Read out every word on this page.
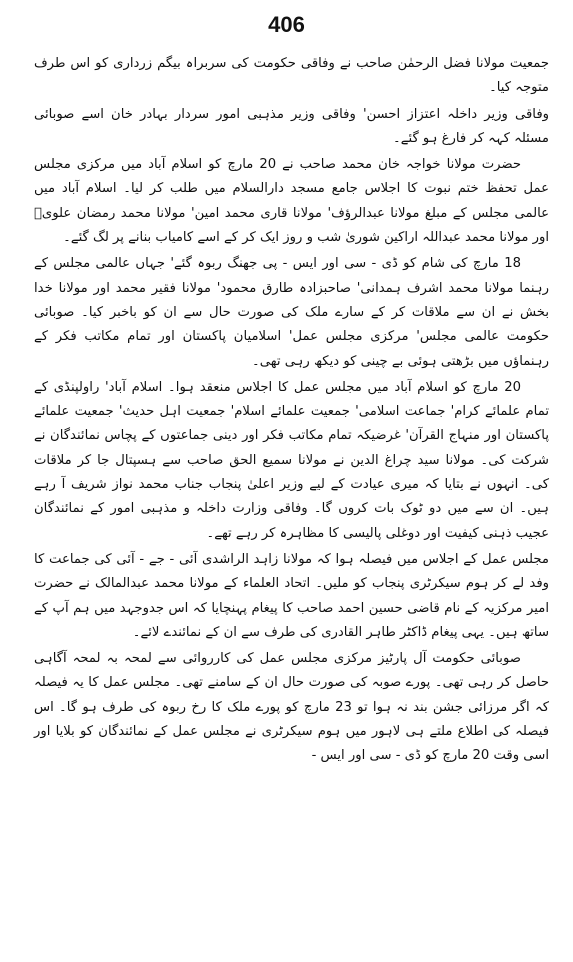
406

جمعیت مولانا فضل الرحمٰن صاحب نے وفاقی حکومت کی سربراہ بیگم زرداری کو اس طرف متوجہ کیا۔

وفاقی وزیر داخلہ اعتزاز احسن' وفاقی وزیر مذہبی امور سردار بہادر خان اسے صوبائی مسئلہ کہہ کر فارغ ہو گئے۔

حضرت مولانا خواجہ خان محمد صاحب نے 20 مارچ کو اسلام آباد میں مرکزی مجلس عمل تحفظ ختم نبوت کا اجلاس جامع مسجد دارالسلام میں طلب کر لیا۔ اسلام آباد میں عالمی مجلس کے مبلغ مولانا عبدالرؤف' مولانا قاری محمد امین' مولانا محمد رمضان علویؒ اور مولانا محمد عبداللہ اراکین شوریٰ شب و روز ایک کر کے اسے کامیاب بنانے پر لگ گئے۔

18 مارچ کی شام کو ڈی - سی اور ایس - پی جھنگ ربوہ گئے' جہاں عالمی مجلس کے رہنما مولانا محمد اشرف ہمدانی' صاحبزادہ طارق محمود' مولانا فقیر محمد اور مولانا خدا بخش نے ان سے ملاقات کر کے سارے ملک کی صورت حال سے ان کو باخبر کیا۔ صوبائی حکومت عالمی مجلس' مرکزی مجلس عمل' اسلامیان پاکستان اور تمام مکاتب فکر کے رہنماؤں میں بڑھتی ہوئی بے چینی کو دیکھ رہی تھی۔

20 مارچ کو اسلام آباد میں مجلس عمل کا اجلاس منعقد ہوا۔ اسلام آباد' راولپنڈی کے تمام علمائے کرام' جماعت اسلامی' جمعیت علمائے اسلام' جمعیت اہل حدیث' جمعیت علمائے پاکستان اور منہاج القرآن' غرضیکہ تمام مکاتب فکر اور دینی جماعتوں کے پچاس نمائندگان نے شرکت کی۔ مولانا سید چراغ الدین نے مولانا سمیع الحق صاحب سے ہسپتال جا کر ملاقات کی۔ انہوں نے بتایا کہ میری عیادت کے لیے وزیر اعلیٰ پنجاب جناب محمد نواز شریف آ رہے ہیں۔ ان سے میں دو ٹوک بات کروں گا۔ وفاقی وزارت داخلہ و مذہبی امور کے نمائندگان عجیب ذہنی کیفیت اور دوغلی پالیسی کا مظاہرہ کر رہے تھے۔

مجلس عمل کے اجلاس میں فیصلہ ہوا کہ مولانا زاہد الراشدی آئی - جے - آئی کی جماعت کا وفد لے کر ہوم سیکرٹری پنجاب کو ملیں۔ اتحاد العلماء کے مولانا محمد عبدالمالک نے حضرت امیر مرکزیہ کے نام قاضی حسین احمد صاحب کا پیغام پہنچایا کہ اس جدوجہد میں ہم آپ کے ساتھ ہیں۔ یہی پیغام ڈاکٹر طاہر القادری کی طرف سے ان کے نمائندے لائے۔

صوبائی حکومت آل پارٹیز مرکزی مجلس عمل کی کارروائی سے لمحہ بہ لمحہ آگاہی حاصل کر رہی تھی۔ پورے صوبہ کی صورت حال ان کے سامنے تھی۔ مجلس عمل کا یہ فیصلہ کہ اگر مرزائی جشن بند نہ ہوا تو 23 مارچ کو پورے ملک کا رخ ربوہ کی طرف ہو گا۔ اس فیصلہ کی اطلاع ملتے ہی لاہور میں ہوم سیکرٹری نے مجلس عمل کے نمائندگان کو بلایا اور اسی وقت 20 مارچ کو ڈی - سی اور ایس -
